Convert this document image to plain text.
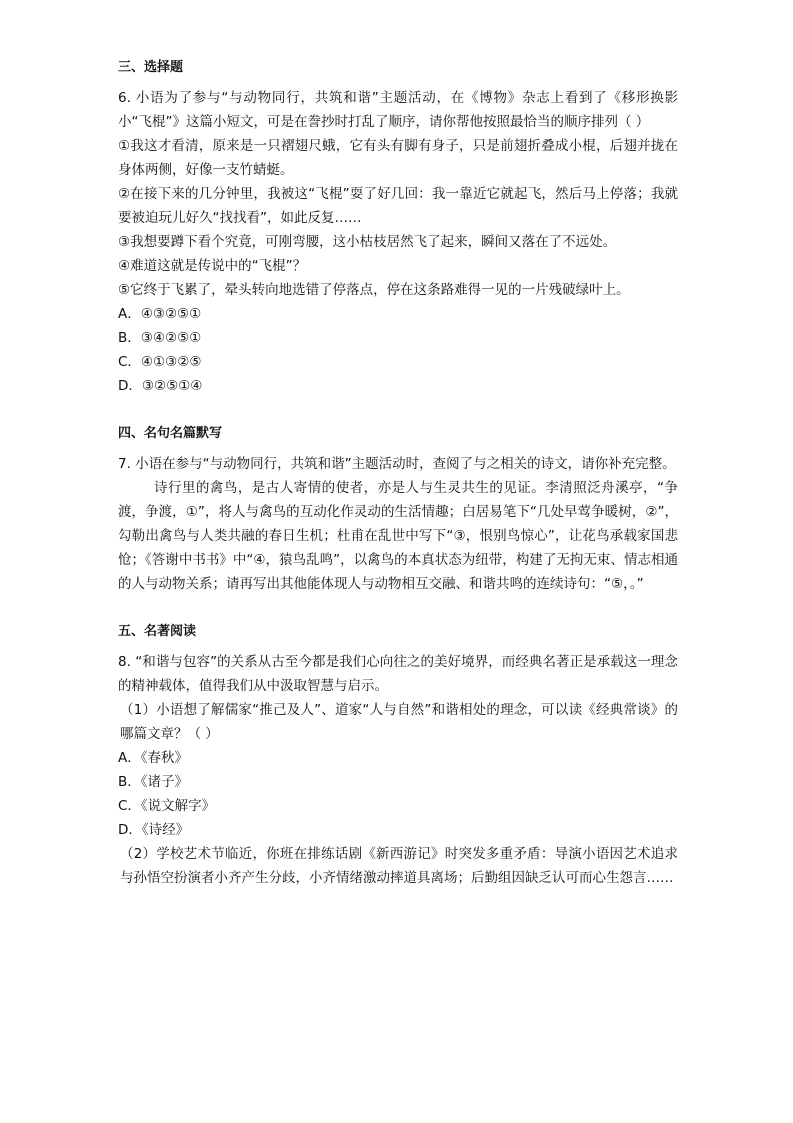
三、选择题

6. 小语为了参与“与动物同行，共筑和谐”主题活动，在《博物》杂志上看到了《移形换影小“飞棍”》这篇小短文，可是在誊抄时打乱了顺序，请你帮他按照最恰当的顺序排列（ ）

①我这才看清，原来是一只褶翅尺蛾，它有头有脚有身子，只是前翅折叠成小棍，后翅并拢在身体两侧，好像一支竹蜻蜓。

②在接下来的几分钟里，我被这“飞棍”耍了好几回：我一靠近它就起飞，然后马上停落；我就要被迫玩儿好久“找找看”，如此反复……

③我想要蹲下看个究竟，可刚弯腰，这小枯枝居然飞了起来，瞬间又落在了不远处。

④难道这就是传说中的“飞棍”？

⑤它终于飞累了，晕头转向地选错了停落点，停在这条路难得一见的一片残破绿叶上。

A．④③②⑤①

B．③④②⑤①

C．④①③②⑤

D．③②⑤①④

四、名句名篇默写

7. 小语在参与“与动物同行，共筑和谐”主题活动时，查阅了与之相关的诗文，请你补充完整。

诗行里的禽鸟，是古人寄情的使者，亦是人与生灵共生的见证。李清照泛舟溪亭，“争渡，争渡，①”，将人与禽鸟的互动化作灵动的生活情趣；白居易笔下“几处早莺争暖树，②”，勾勒出禽鸟与人类共融的春日生机；杜甫在乱世中写下“③，恨别鸟惊心”，让花鸟承载家国悲怆；《答谢中书书》中“④，猿鸟乱鸣”，以禽鸟的本真状态为纽带，构建了无拘无束、情志相通的人与动物关系；请再写出其他能体现人与动物相互交融、和谐共鸣的连续诗句：“⑤，。”

五、名著阅读

8. “和谐与包容”的关系从古至今都是我们心向往之的美好境界，而经典名著正是承载这一理念的精神载体，值得我们从中汲取智慧与启示。

（1）小语想了解儒家“推己及人”、道家“人与自然”和谐相处的理念，可以读《经典常谈》的哪篇文章？（ ）

A．《春秋》

B．《诸子》

C．《说文解字》

D．《诗经》

（2）学校艺术节临近，你班在排练话剧《新西游记》时突发多重矛盾：导演小语因艺术追求与孙悟空扮演者小齐产生分歧，小齐情绪激动摔道具离场；后勤组因缺乏认可而心生怨言……
